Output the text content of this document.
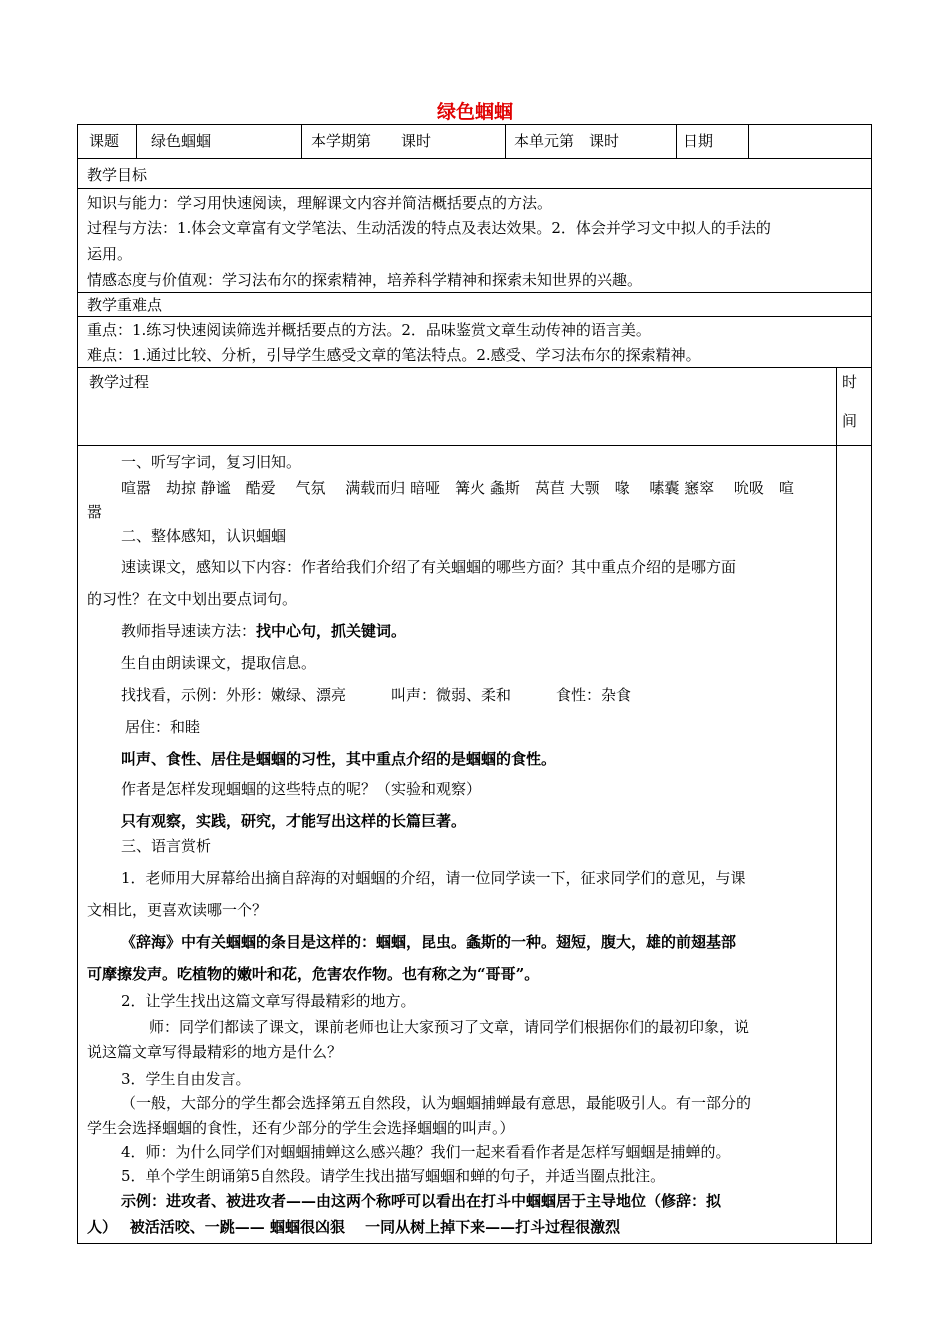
绿色蝈蝈
课题 绿色蝈蝈	本学期第　　课时	本单元第　课时	日期
教学目标
知识与能力：学习用快速阅读，理解课文内容并简洁概括要点的方法。
过程与方法：1.体会文章富有文学笔法、生动活泼的特点及表达效果。2．体会并学习文中拟人的手法的
运用。
情感态度与价值观：学习法布尔的探索精神，培养科学精神和探索未知世界的兴趣。
教学重难点
重点：1.练习快速阅读筛选并概括要点的方法。2．品味鉴赏文章生动传神的语言美。
难点：1.通过比较、分析，引导学生感受文章的笔法特点。2.感受、学习法布尔的探索精神。
教学过程	时
间
一、听写字词，复习旧知。
喧嚣　劫掠 静谧　酷爱　 气氛　 满载而归 暗哑　篝火 螽斯　莴苣 大颚　喙　 嗉囊 窸窣　 吮吸　喧
嚣
二、整体感知，认识蝈蝈
速读课文，感知以下内容：作者给我们介绍了有关蝈蝈的哪些方面？其中重点介绍的是哪方面
的习性？在文中划出要点词句。
教师指导速读方法：找中心句，抓关键词。
生自由朗读课文，提取信息。
找找看，示例：外形：嫩绿、漂亮　　　叫声：微弱、柔和　　　食性：杂食
居住：和睦
叫声、食性、居住是蝈蝈的习性，其中重点介绍的是蝈蝈的食性。
作者是怎样发现蝈蝈的这些特点的呢？（实验和观察）
只有观察，实践，研究，才能写出这样的长篇巨著。
三、语言赏析
1．老师用大屏幕给出摘自辞海的对蝈蝈的介绍，请一位同学读一下，征求同学们的意见，与课
文相比，更喜欢读哪一个？
《辞海》中有关蝈蝈的条目是这样的：蝈蝈，昆虫。螽斯的一种。翅短，腹大，雄的前翅基部
可摩擦发声。吃植物的嫩叶和花，危害农作物。也有称之为“哥哥”。
2．让学生找出这篇文章写得最精彩的地方。
师：同学们都读了课文，课前老师也让大家预习了文章，请同学们根据你们的最初印象，说
说这篇文章写得最精彩的地方是什么？
3．学生自由发言。
（一般，大部分的学生都会选择第五自然段，认为蝈蝈捕蝉最有意思，最能吸引人。有一部分的
学生会选择蝈蝈的食性，还有少部分的学生会选择蝈蝈的叫声。）
4．师：为什么同学们对蝈蝈捕蝉这么感兴趣？我们一起来看看作者是怎样写蝈蝈是捕蝉的。
5．单个学生朗诵第5自然段。请学生找出描写蝈蝈和蝉的句子，并适当圈点批注。
示例：进攻者、被进攻者——由这两个称呼可以看出在打斗中蝈蝈居于主导地位（修辞：拟
人）　 被活活咬、一跳—— 蝈蝈很凶狠　 一同从树上掉下来——打斗过程很激烈
